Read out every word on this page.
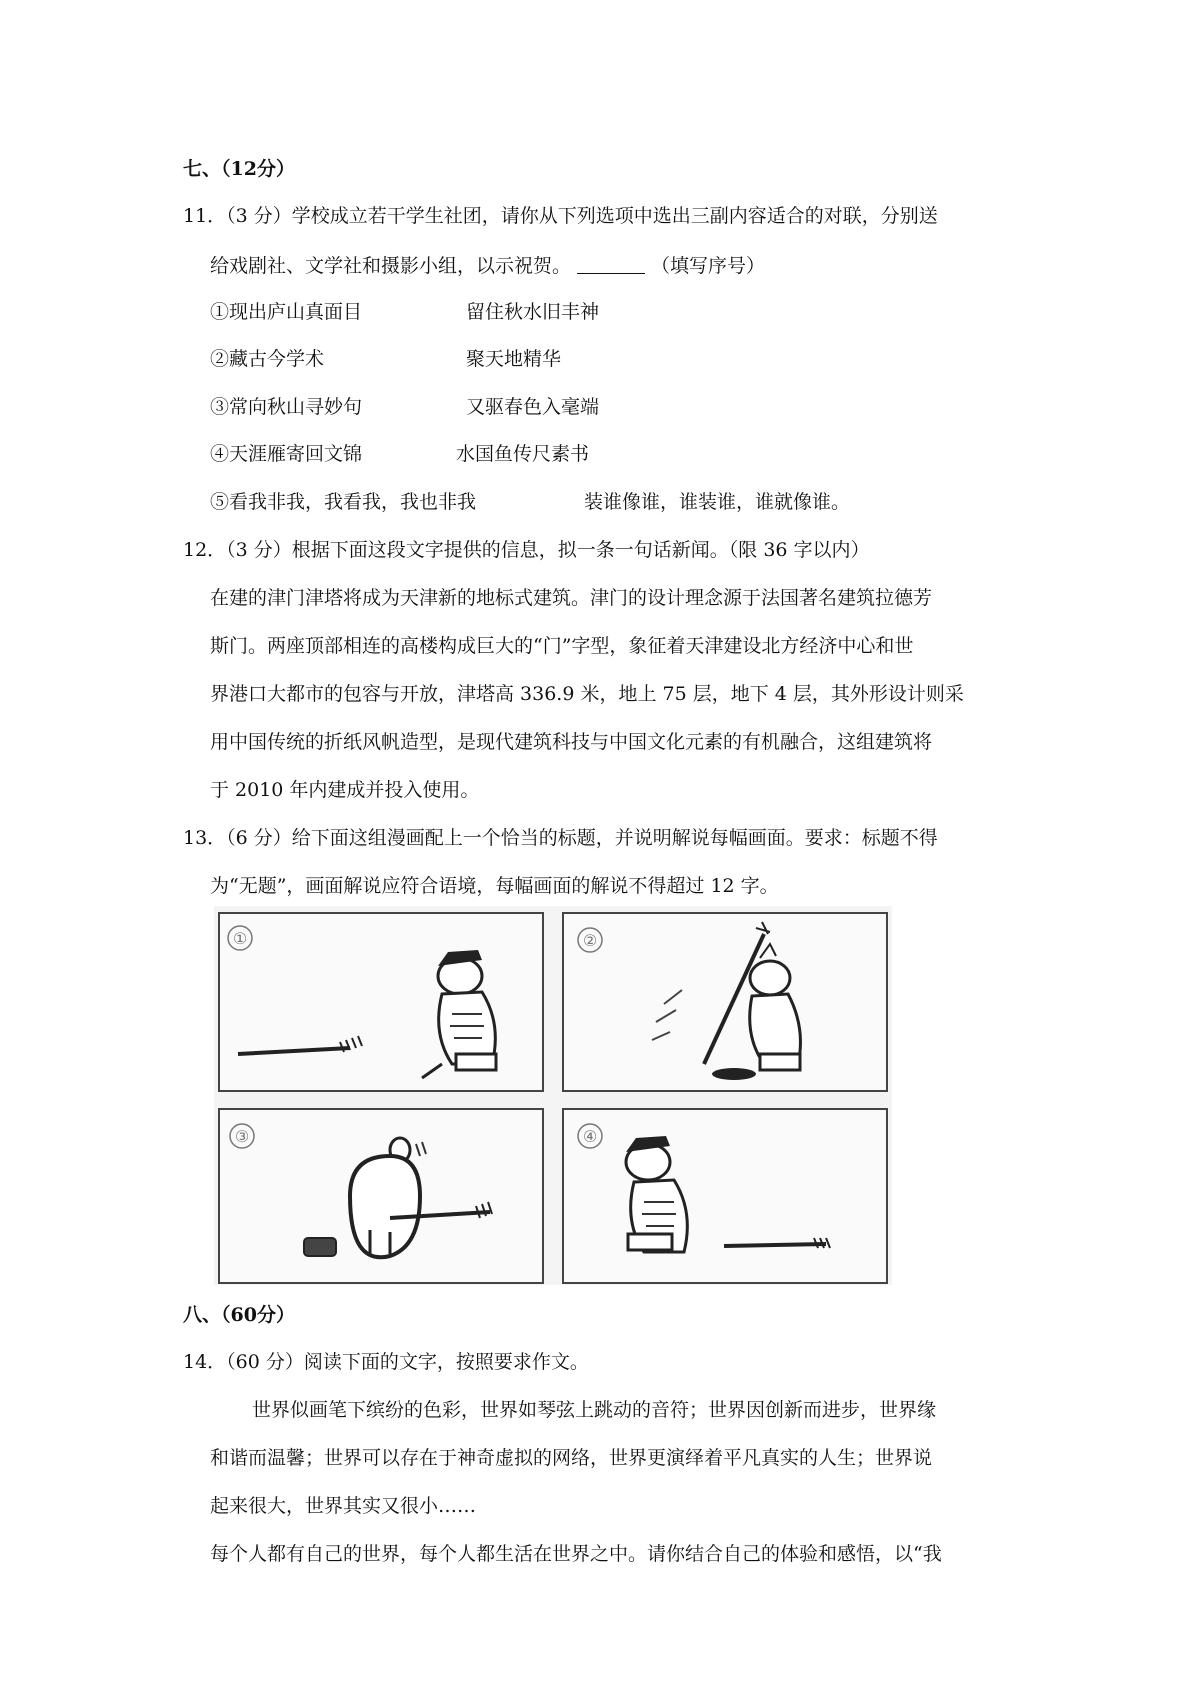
七、（12分）
11．（3 分）学校成立若干学生社团，请你从下列选项中选出三副内容适合的对联，分别送
给戏剧社、文学社和摄影小组，以示祝贺。	（填写序号）
①现出庐山真面目	留住秋水旧丰神
②藏古今学术	聚天地精华
③常向秋山寻妙句	又驱春色入毫端
④天涯雁寄回文锦	水国鱼传尺素书
⑤看我非我，我看我，我也非我	装谁像谁，谁装谁，谁就像谁。
12．（3 分）根据下面这段文字提供的信息，拟一条一句话新闻。（限 36 字以内）
在建的津门津塔将成为天津新的地标式建筑。津门的设计理念源于法国著名建筑拉德芳
斯门。两座顶部相连的高楼构成巨大的“门”字型，象征着天津建设北方经济中心和世
界港口大都市的包容与开放，津塔高 336.9 米，地上 75 层，地下 4 层，其外形设计则采
用中国传统的折纸风帆造型，是现代建筑科技与中国文化元素的有机融合，这组建筑将
于 2010 年内建成并投入使用。
13．（6 分）给下面这组漫画配上一个恰当的标题，并说明解说每幅画面。要求：标题不得
为“无题”，画面解说应符合语境，每幅画面的解说不得超过 12 字。
①	②
③	④
八、（60分）
14．（60 分）阅读下面的文字，按照要求作文。
世界似画笔下缤纷的色彩，世界如琴弦上跳动的音符；世界因创新而进步，世界缘
和谐而温馨；世界可以存在于神奇虚拟的网络，世界更演绎着平凡真实的人生；世界说
起来很大，世界其实又很小……
每个人都有自己的世界，每个人都生活在世界之中。请你结合自己的体验和感悟，以“我
